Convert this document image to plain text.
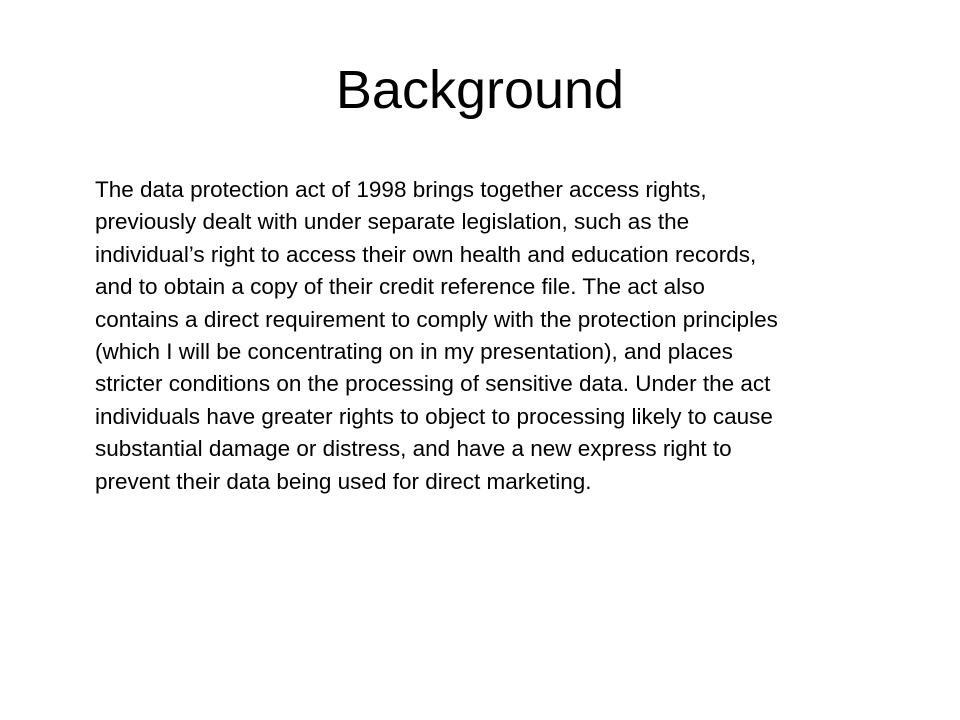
Background

The data protection act of 1998 brings together access rights,
previously dealt with under separate legislation, such as the
individual’s right to access their own health and education records,
and to obtain a copy of their credit reference file. The act also
contains a direct requirement to comply with the protection principles
(which I will be concentrating on in my presentation), and places
stricter conditions on the processing of sensitive data. Under the act
individuals have greater rights to object to processing likely to cause
substantial damage or distress, and have a new express right to
prevent their data being used for direct marketing.
